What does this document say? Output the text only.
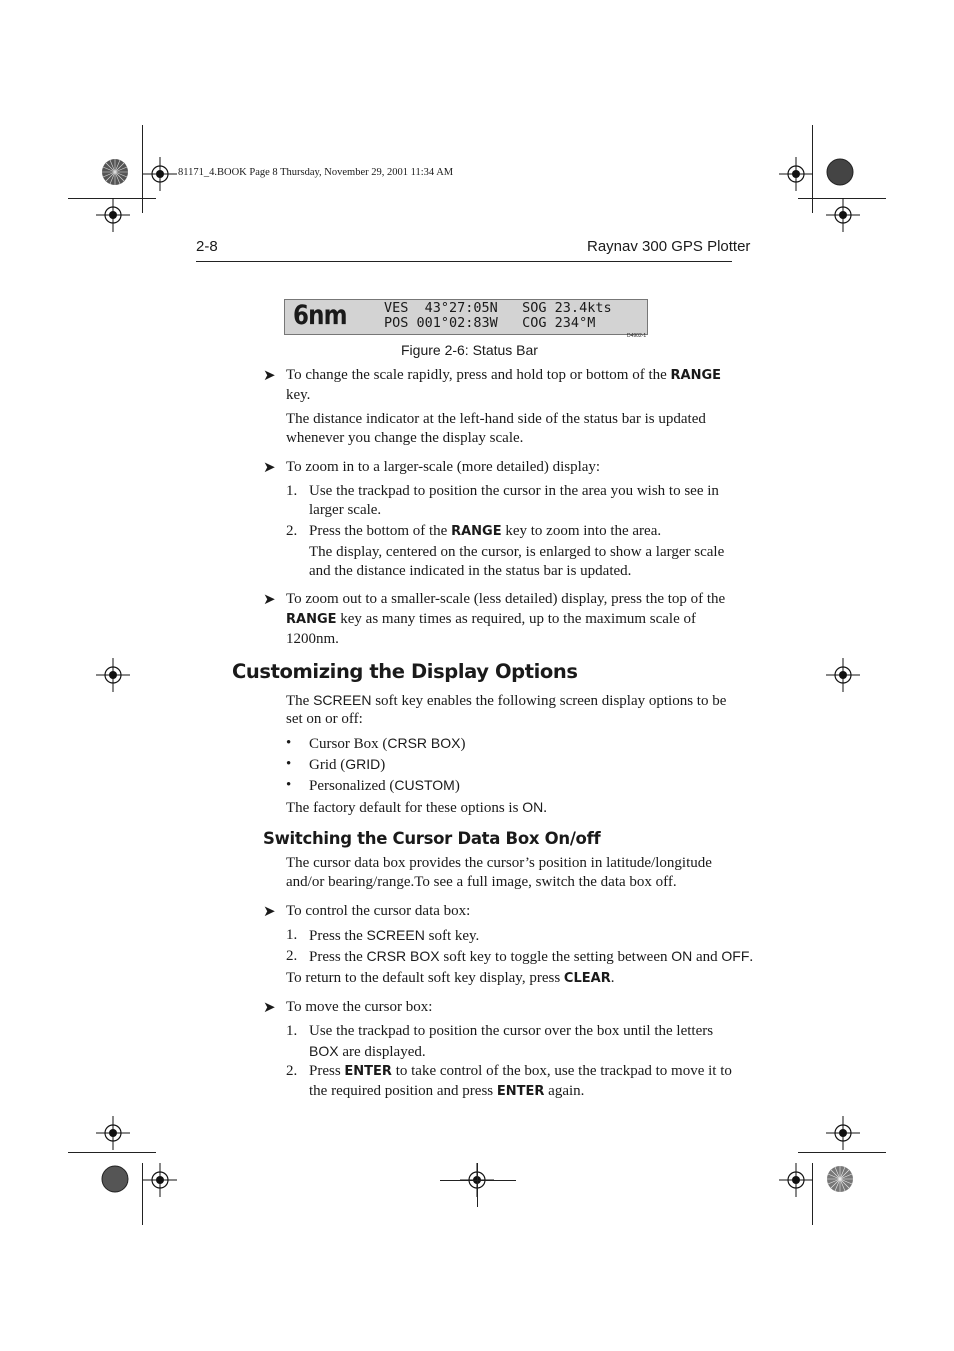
81171_4.BOOK Page 8 Thursday, November 29, 2001 11:34 AM
2-8	Raynav 300 GPS Plotter
6nm	VES  43°27:05N   SOG 23.4kts
POS 001°02:83W   COG 234°M
D4902-1
Figure 2-6: Status Bar
➤ To change the scale rapidly, press and hold top or bottom of the RANGE
key.
The distance indicator at the left-hand side of the status bar is updated
whenever you change the display scale.
➤ To zoom in to a larger-scale (more detailed) display:
1. Use the trackpad to position the cursor in the area you wish to see in
larger scale.
2. Press the bottom of the RANGE key to zoom into the area.
The display, centered on the cursor, is enlarged to show a larger scale
and the distance indicated in the status bar is updated.
➤ To zoom out to a smaller-scale (less detailed) display, press the top of the
RANGE key as many times as required, up to the maximum scale of
1200nm.
Customizing the Display Options
The SCREEN soft key enables the following screen display options to be
set on or off:
• Cursor Box (CRSR BOX)
• Grid (GRID)
• Personalized (CUSTOM)
The factory default for these options is ON.
Switching the Cursor Data Box On/off
The cursor data box provides the cursor’s position in latitude/longitude
and/or bearing/range.To see a full image, switch the data box off.
➤ To control the cursor data box:
1. Press the SCREEN soft key.
2. Press the CRSR BOX soft key to toggle the setting between ON and OFF.
To return to the default soft key display, press CLEAR.
➤ To move the cursor box:
1. Use the trackpad to position the cursor over the box until the letters
BOX are displayed.
2. Press ENTER to take control of the box, use the trackpad to move it to
the required position and press ENTER again.
